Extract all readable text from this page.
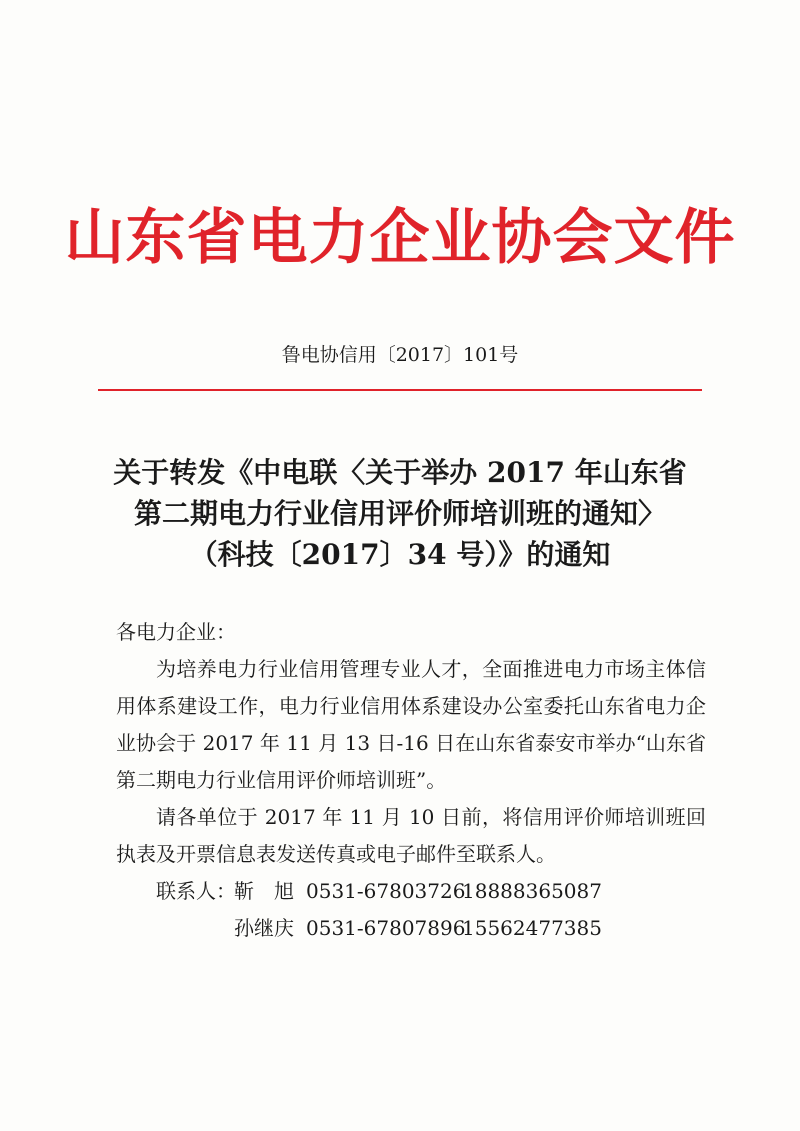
山东省电力企业协会文件
鲁电协信用〔2017〕101号
关于转发《中电联〈关于举办 2017 年山东省
第二期电力行业信用评价师培训班的通知〉
（科技〔2017〕34 号）》的通知
各电力企业：
为培养电力行业信用管理专业人才，全面推进电力市场主体信用体系建设工作，电力行业信用体系建设办公室委托山东省电力企业协会于 2017 年 11 月 13 日-16 日在山东省泰安市举办“山东省第二期电力行业信用评价师培训班”。
请各单位于 2017 年 11 月 10 日前，将信用评价师培训班回执表及开票信息表发送传真或电子邮件至联系人。
联系人：靳　旭 0531-6780372618888365087
孙继庆 0531-6780789615562477385
